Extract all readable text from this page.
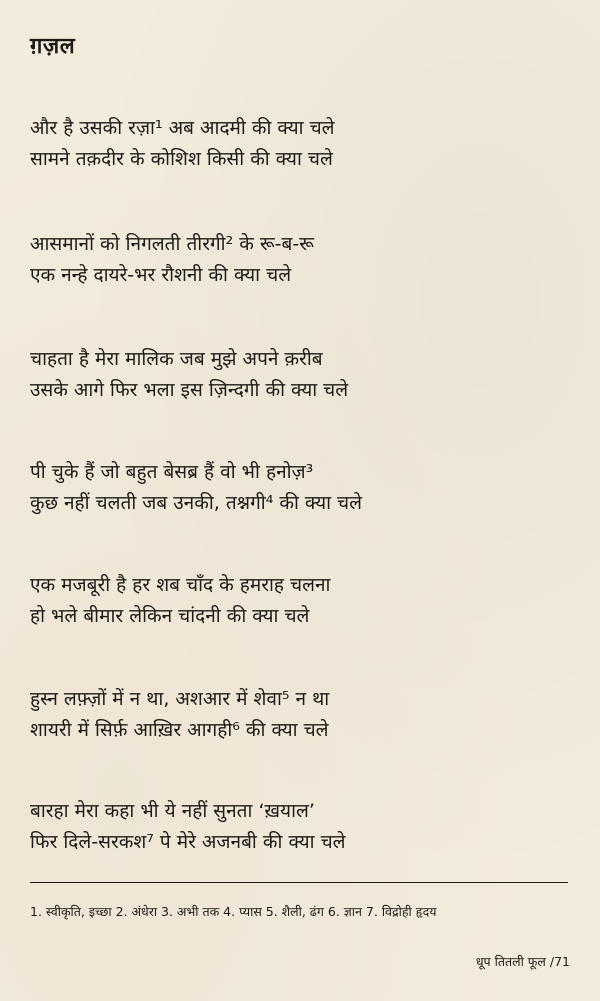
ग़ज़ल

और है उसकी रज़ा¹ अब आदमी की क्या चले

सामने तक़दीर के कोशिश किसी की क्या चले

आसमानों को निगलती तीरगी² के रू-ब-रू

एक नन्हे दायरे-भर रौशनी की क्या चले

चाहता है मेरा मालिक जब मुझे अपने क़रीब

उसके आगे फिर भला इस ज़िन्दगी की क्या चले

पी चुके हैं जो बहुत बेसब्र हैं वो भी हनोज़³

कुछ नहीं चलती जब उनकी, तश्नगी⁴ की क्या चले

एक मजबूरी है हर शब चाँद के हमराह चलना

हो भले बीमार लेकिन चांदनी की क्या चले

हुस्न लफ़्ज़ों में न था, अशआर में शेवा⁵ न था

शायरी में सिर्फ़ आख़िर आगही⁶ की क्या चले

बारहा मेरा कहा भी ये नहीं सुनता ‘ख़याल’

फिर दिले-सरकश⁷ पे मेरे अजनबी की क्या चले

1. स्वीकृति, इच्छा 2. अंधेरा 3. अभी तक 4. प्यास 5. शैली, ढंग 6. ज्ञान 7. विद्रोही हृदय

धूप तितली फूल /71
